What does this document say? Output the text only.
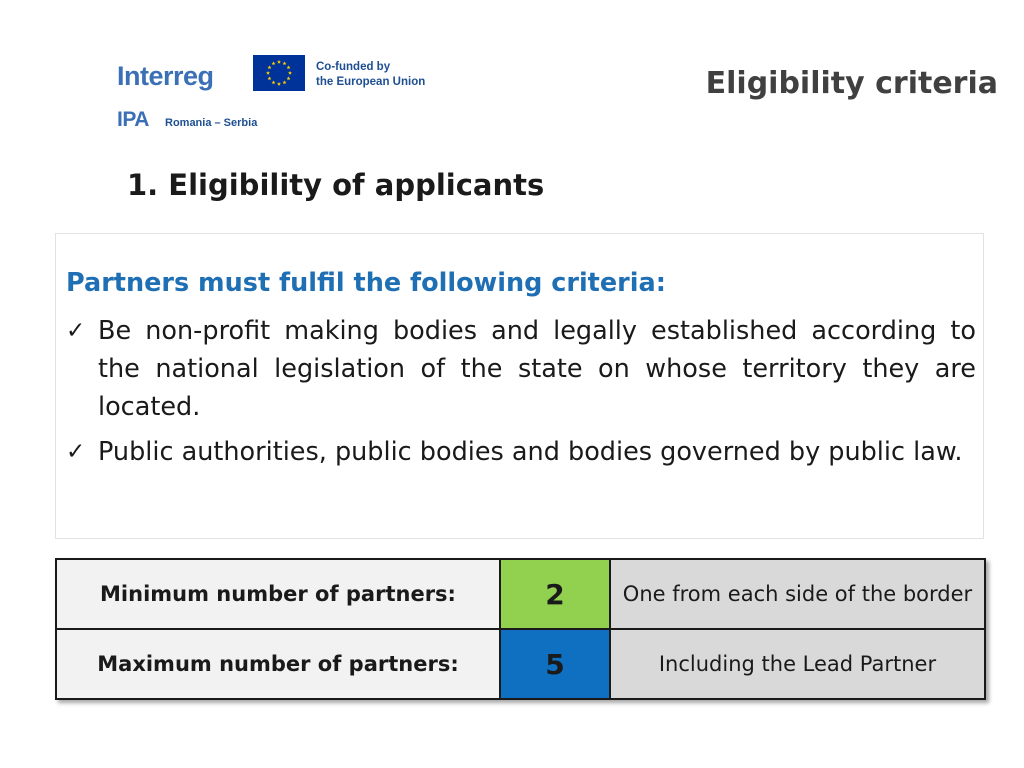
Interreg	Co-funded by
the European Union
IPA Romania – Serbia
Eligibility criteria
1. Eligibility of applicants
Partners must fulfil the following criteria:
✓ Be non-profit making bodies and legally established according to the national legislation of the state on whose territory they are located.
✓ Public authorities, public bodies and bodies governed by public law.
Minimum number of partners:	2	One from each side of the border
Maximum number of partners:	5	Including the Lead Partner
